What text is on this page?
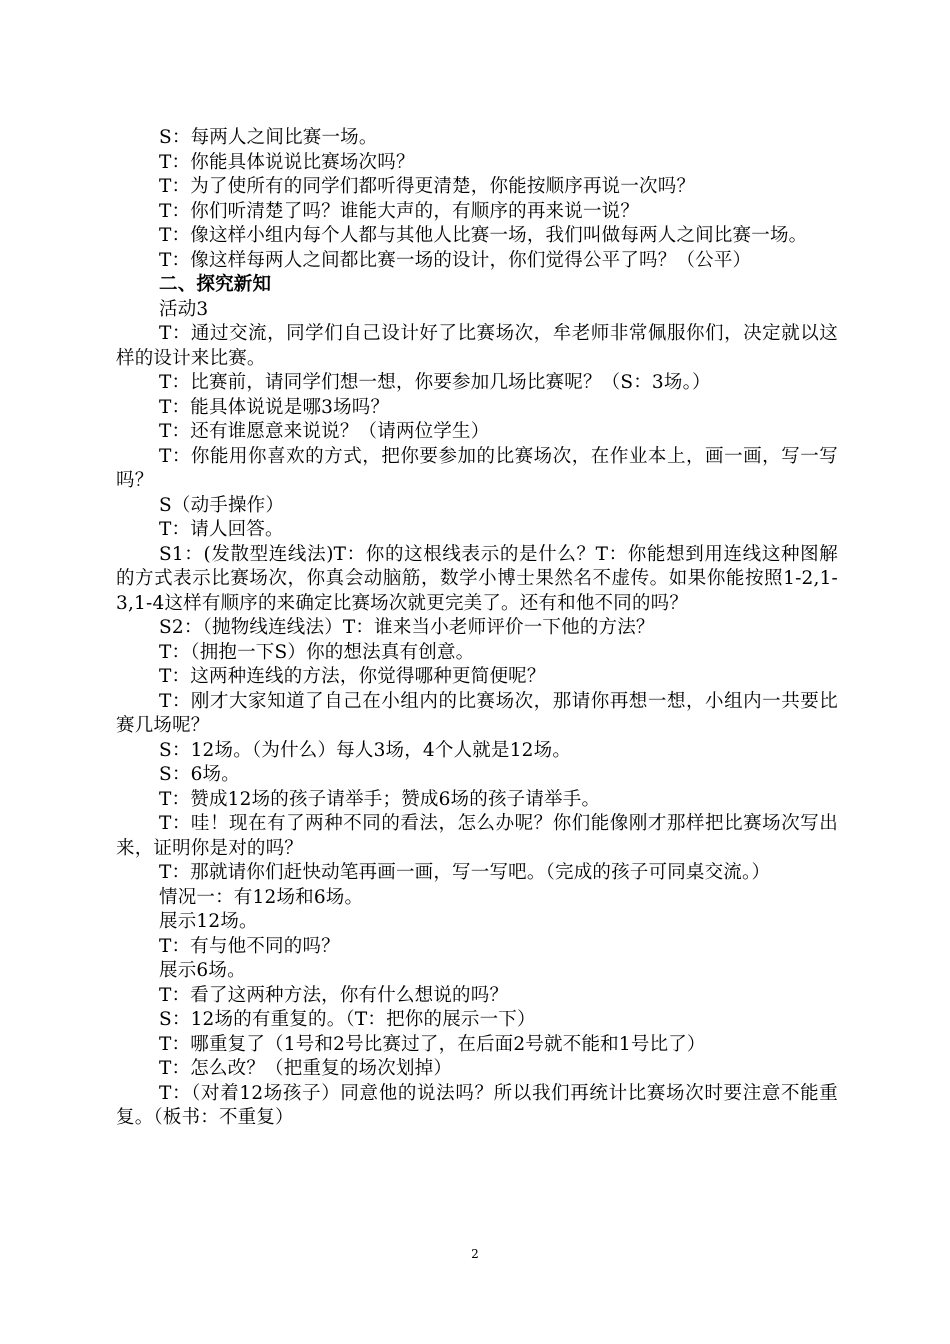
S：每两人之间比赛一场。

T：你能具体说说比赛场次吗？

T：为了使所有的同学们都听得更清楚，你能按顺序再说一次吗？

T：你们听清楚了吗？谁能大声的，有顺序的再来说一说？

T：像这样小组内每个人都与其他人比赛一场，我们叫做每两人之间比赛一场。

T：像这样每两人之间都比赛一场的设计，你们觉得公平了吗？（公平）

二、探究新知

活动3

T：通过交流，同学们自己设计好了比赛场次，牟老师非常佩服你们，决定就以这样的设计来比赛。

T：比赛前，请同学们想一想，你要参加几场比赛呢？（S：3场。）

T：能具体说说是哪3场吗？

T：还有谁愿意来说说？（请两位学生）

T：你能用你喜欢的方式，把你要参加的比赛场次，在作业本上，画一画，写一写吗？

S（动手操作）

T：请人回答。

S1：(发散型连线法)T：你的这根线表示的是什么？T：你能想到用连线这种图解的方式表示比赛场次，你真会动脑筋，数学小博士果然名不虚传。如果你能按照1-2,1-3,1-4这样有顺序的来确定比赛场次就更完美了。还有和他不同的吗？

S2：（抛物线连线法）T：谁来当小老师评价一下他的方法？

T：（拥抱一下S）你的想法真有创意。

T：这两种连线的方法，你觉得哪种更简便呢？

T：刚才大家知道了自己在小组内的比赛场次，那请你再想一想，小组内一共要比赛几场呢？

S：12场。（为什么）每人3场，4个人就是12场。

S：6场。

T：赞成12场的孩子请举手；赞成6场的孩子请举手。

T：哇！现在有了两种不同的看法，怎么办呢？你们能像刚才那样把比赛场次写出来，证明你是对的吗？

T：那就请你们赶快动笔再画一画，写一写吧。（完成的孩子可同桌交流。）

情况一：有12场和6场。

展示12场。

T：有与他不同的吗？

展示6场。

T：看了这两种方法，你有什么想说的吗？

S：12场的有重复的。（T：把你的展示一下）

T：哪重复了（1号和2号比赛过了，在后面2号就不能和1号比了）

T：怎么改？（把重复的场次划掉）

T：（对着12场孩子）同意他的说法吗？所以我们再统计比赛场次时要注意不能重复。（板书：不重复）

2
